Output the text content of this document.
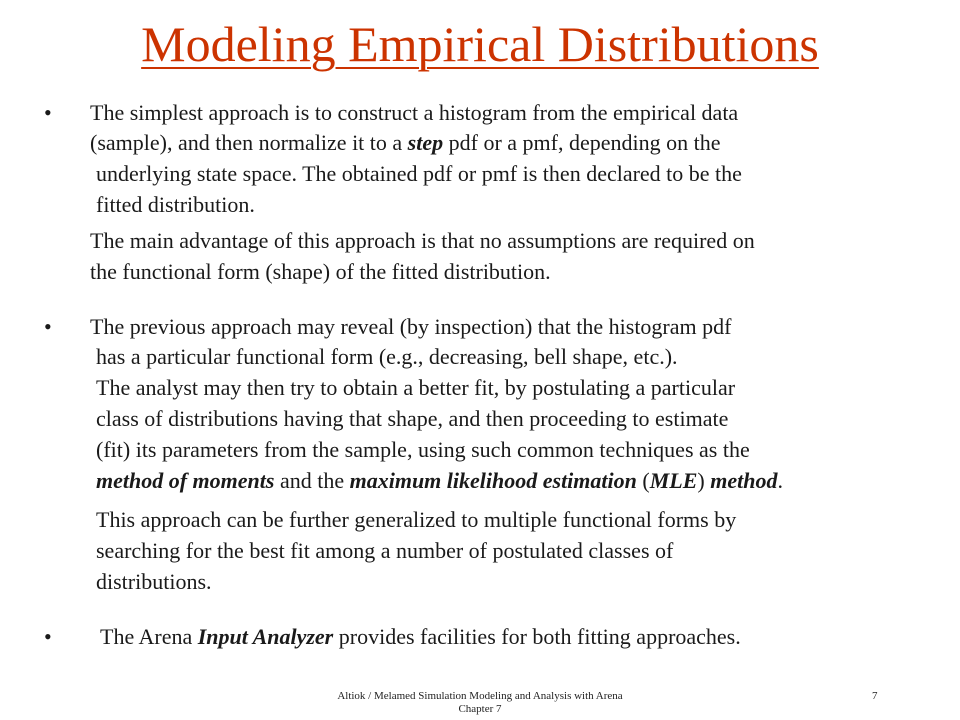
Modeling Empirical Distributions
• The simplest approach is to construct a histogram from the empirical data
(sample), and then normalize it to a step pdf or a pmf, depending on the
underlying state space. The obtained pdf or pmf is then declared to be the
fitted distribution.
The main advantage of this approach is that no assumptions are required on
the functional form (shape) of the fitted distribution.
• The previous approach may reveal (by inspection) that the histogram pdf
has a particular functional form (e.g., decreasing, bell shape, etc.).
The analyst may then try to obtain a better fit, by postulating a particular
class of distributions having that shape, and then proceeding to estimate
(fit) its parameters from the sample, using such common techniques as the
method of moments and the maximum likelihood estimation (MLE) method.
This approach can be further generalized to multiple functional forms by
searching for the best fit among a number of postulated classes of
distributions.
• The Arena Input Analyzer provides facilities for both fitting approaches.
Altiok / Melamed Simulation Modeling and Analysis with Arena
Chapter 7
7
